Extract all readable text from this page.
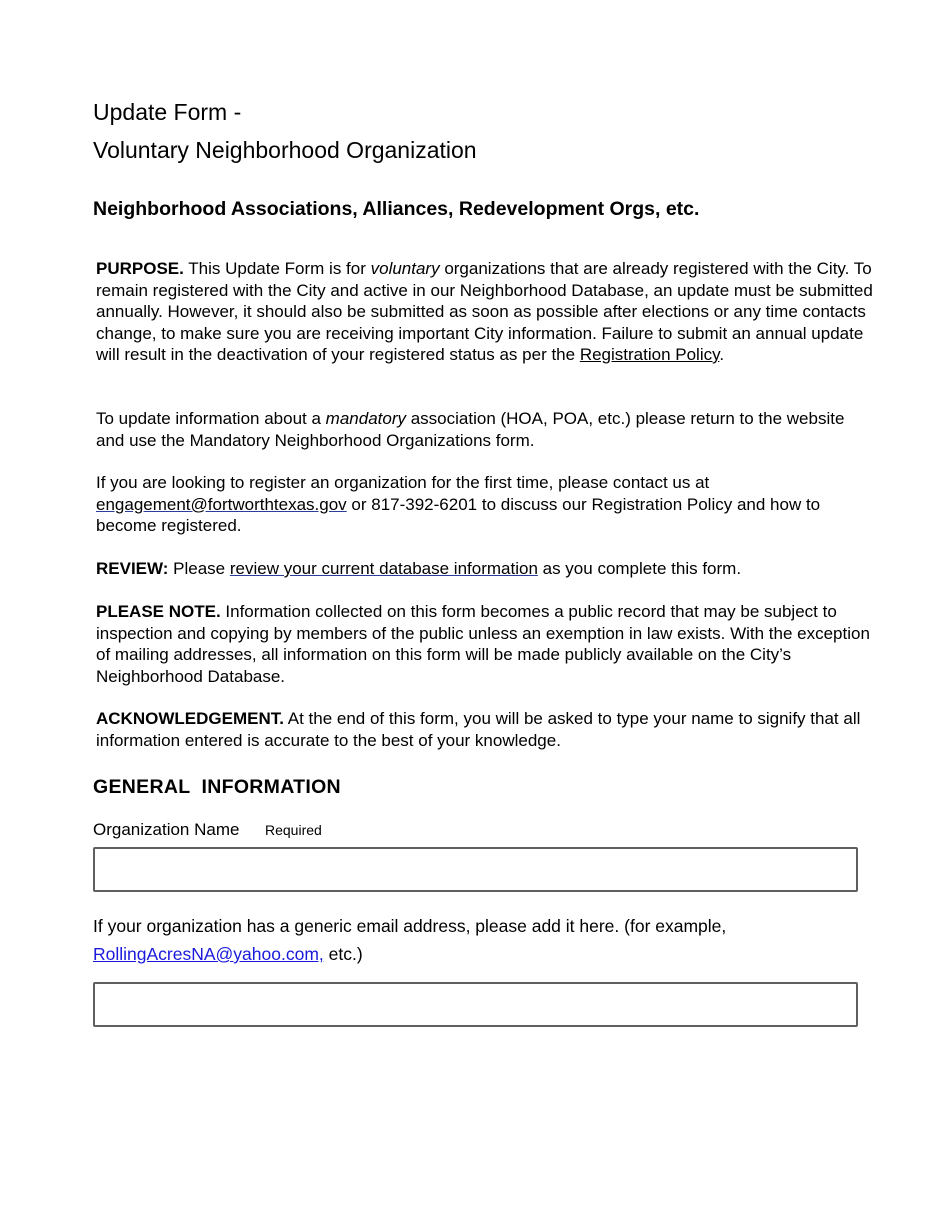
Update Form -
Voluntary Neighborhood Organization
Neighborhood Associations, Alliances, Redevelopment Orgs, etc.
PURPOSE. This Update Form is for voluntary organizations that are already registered with the City. To remain registered with the City and active in our Neighborhood Database, an update must be submitted annually. However, it should also be submitted as soon as possible after elections or any time contacts change, to make sure you are receiving important City information. Failure to submit an annual update will result in the deactivation of your registered status as per the Registration Policy.
To update information about a mandatory association (HOA, POA, etc.) please return to the website and use the Mandatory Neighborhood Organizations form.
If you are looking to register an organization for the first time, please contact us at engagement@fortworthtexas.gov or 817-392-6201 to discuss our Registration Policy and how to become registered.
REVIEW: Please review your current database information as you complete this form.
PLEASE NOTE. Information collected on this form becomes a public record that may be subject to inspection and copying by members of the public unless an exemption in law exists. With the exception of mailing addresses, all information on this form will be made publicly available on the City’s Neighborhood Database.
ACKNOWLEDGEMENT. At the end of this form, you will be asked to type your name to signify that all information entered is accurate to the best of your knowledge.
GENERAL  INFORMATION
Organization Name Required
If your organization has a generic email address, please add it here. (for example, RollingAcresNA@yahoo.com, etc.)
